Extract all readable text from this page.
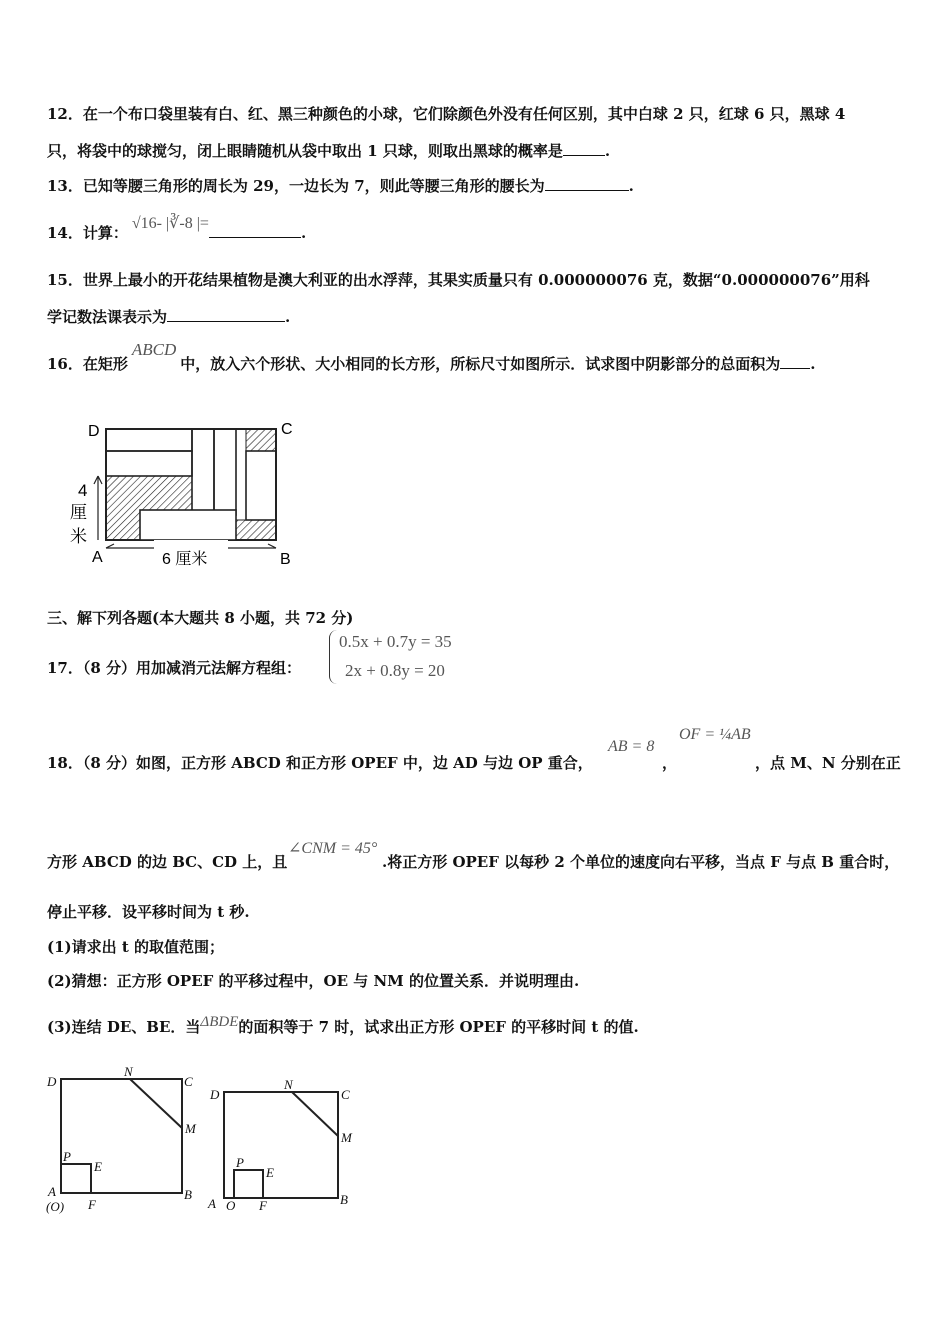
12．在一个布口袋里装有白、红、黑三种颜色的小球，它们除颜色外没有任何区别，其中白球 2 只，红球 6 只，黑球 4
只，将袋中的球搅匀，闭上眼睛随机从袋中取出 1 只球，则取出黑球的概率是	.
13．已知等腰三角形的周长为 29，一边长为 7，则此等腰三角形的腰长为	.
14．计算：√16- |∛-8 |=.
15．世界上最小的开花结果植物是澳大利亚的出水浮萍，其果实质量只有 0.000000076 克，数据“0.000000076”用科
学记数法课表示为	.
16．在矩形ABCD中，放入六个形状、大小相同的长方形，所标尺寸如图所示．试求图中阴影部分的总面积为 .
D	C
A	B
4
厘
米
6 厘米
三、解下列各题(本大题共 8 小题，共 72 分)
17．（8 分）用加减消元法解方程组：
0.5x + 0.7y = 35
2x + 0.8y = 20
18．（8 分）如图，正方形 ABCD 和正方形 OPEF 中，边 AD 与边 OP 重合，
AB = 8
，
OF = ¼AB
，点 M、N 分别在正
方形 ABCD 的边 BC、CD 上，且
∠CNM = 45°
.将正方形 OPEF 以每秒 2 个单位的速度向右平移，当点 F 与点 B 重合时，
停止平移．设平移时间为 t 秒.
(1)请求出 t 的取值范围；
(2)猜想：正方形 OPEF 的平移过程中，OE 与 NM 的位置关系．并说明理由.
(3)连结 DE、BE．当ΔBDE的面积等于 7 时，试求出正方形 OPEF 的平移时间 t 的值.
D
N
C
M
P
E
A
(O) F
B
D
N
C
M
P
E
A O F	B
